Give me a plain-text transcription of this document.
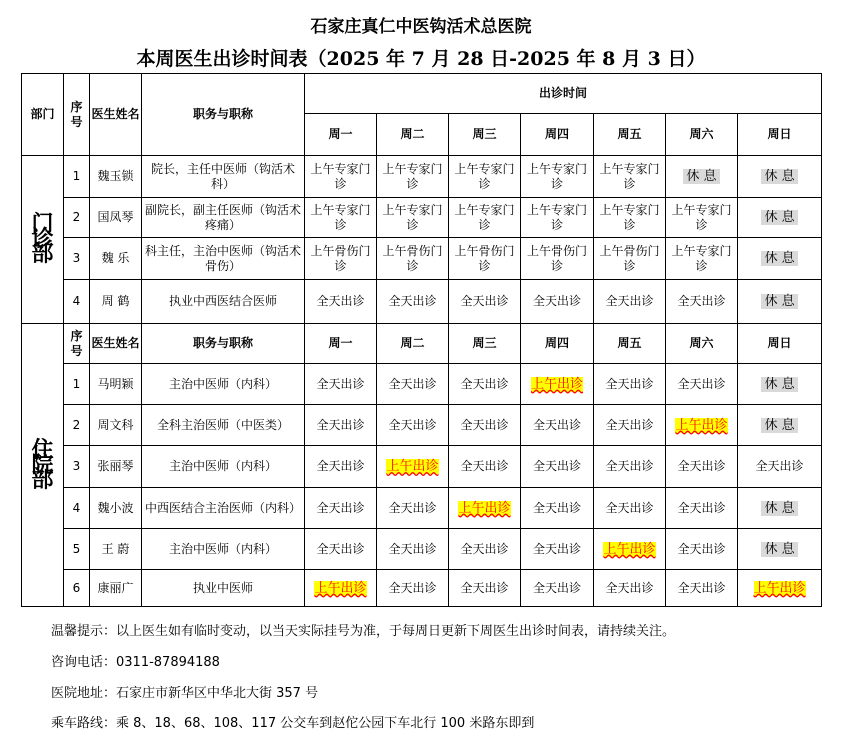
石家庄真仁中医钩活术总医院
本周医生出诊时间表（2025 年 7 月 28 日-2025 年 8 月 3 日）
部门	序号	医生姓名	职务与职称	出诊时间						
				周一	周二	周三	周四	周五	周六	周日
门诊部	1	魏玉锁	院长，主任中医师（钩活术科）	上午专家门诊	上午专家门诊	上午专家门诊	上午专家门诊	上午专家门诊	休 息	休 息
	2	国凤琴	副院长，副主任医师（钩活术 疼痛）	上午专家门诊	上午专家门诊	上午专家门诊	上午专家门诊	上午专家门诊	上午专家门诊	休 息
	3	魏 乐	科主任，主治中医师（钩活术骨伤）	上午骨伤门诊	上午骨伤门诊	上午骨伤门诊	上午骨伤门诊	上午骨伤门诊	上午专家门诊	休 息
	4	周 鹤	执业中西医结合医师	全天出诊	全天出诊	全天出诊	全天出诊	全天出诊	全天出诊	休 息
住院部	序号	医生姓名	职务与职称	周一	周二	周三	周四	周五	周六	周日
	1	马明颖	主治中医师（内科）	全天出诊	全天出诊	全天出诊	上午出诊	全天出诊	全天出诊	休 息
	2	周文科	全科主治医师（中医类）	全天出诊	全天出诊	全天出诊	全天出诊	全天出诊	上午出诊	休 息
	3	张丽琴	主治中医师（内科）	全天出诊	上午出诊	全天出诊	全天出诊	全天出诊	全天出诊	全天出诊
	4	魏小波	中西医结合主治医师（内科）	全天出诊	全天出诊	上午出诊	全天出诊	全天出诊	全天出诊	休 息
	5	王 蔚	主治中医师（内科）	全天出诊	全天出诊	全天出诊	全天出诊	上午出诊	全天出诊	休 息
	6	康丽广	执业中医师	上午出诊	全天出诊	全天出诊	全天出诊	全天出诊	全天出诊	上午出诊
温馨提示：以上医生如有临时变动，以当天实际挂号为准，于每周日更新下周医生出诊时间表，请持续关注。
咨询电话：0311-87894188
医院地址：石家庄市新华区中华北大街 357 号
乘车路线：乘 8、18、68、108、117 公交车到赵佗公园下车北行 100 米路东即到
